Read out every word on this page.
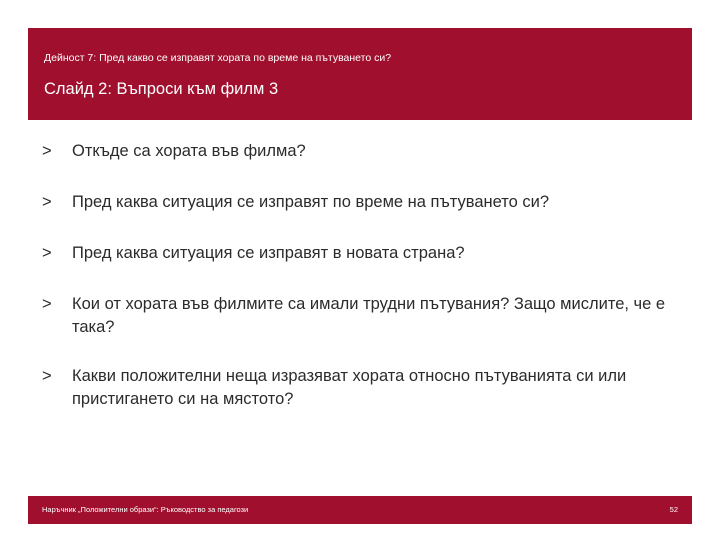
Дейност 7: Пред какво се изправят хората по време на пътуването си?
Слайд 2: Въпроси към филм 3
> Откъде са хората във филма?
> Пред каква ситуация се изправят по време на пътуването си?
> Пред каква ситуация се изправят в новата страна?
> Кои от хората във филмите са имали трудни пътувания? Защо мислите, че е така?
> Какви положителни неща изразяват хората относно пътуванията си или пристигането си на мястото?
Наръчник „Положителни образи“: Ръководство за педагози	52
